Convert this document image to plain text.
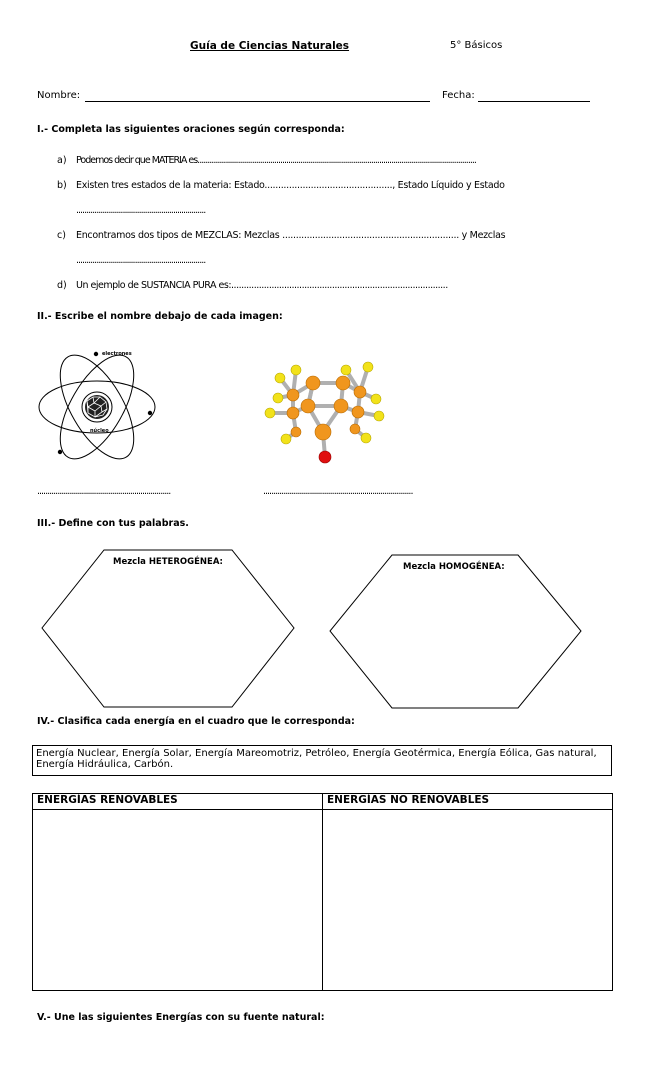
Guía de Ciencias Naturales	5° Básicos
Nombre:	Fecha:
I.- Completa las siguientes oraciones según corresponda:
a) Podemos decir que MATERIA es..........................................................................................................................................
b) Existen tres estados de la materia: Estado..............................................., Estado Líquido y Estado
................................................................
c) Encontramos dos tipos de MEZCLAS: Mezclas ................................................................. y Mezclas
................................................................
d) Un ejemplo de SUSTANCIA PURA es:......................................................................................
II.- Escribe el nombre debajo de cada imagen:
electrones
núcleo
..................................................................	..........................................................................
III.- Define con tus palabras.
Mezcla HETEROGÉNEA:	Mezcla HOMOGÉNEA:
IV.- Clasifica cada energía en el cuadro que le corresponda:
Energía Nuclear, Energía Solar, Energía Mareomotriz, Petróleo, Energía Geotérmica, Energía Eólica, Gas natural, Energía Hidráulica, Carbón.
ENERGÍAS RENOVABLES	ENERGÍAS NO RENOVABLES

V.- Une las siguientes Energías con su fuente natural:
